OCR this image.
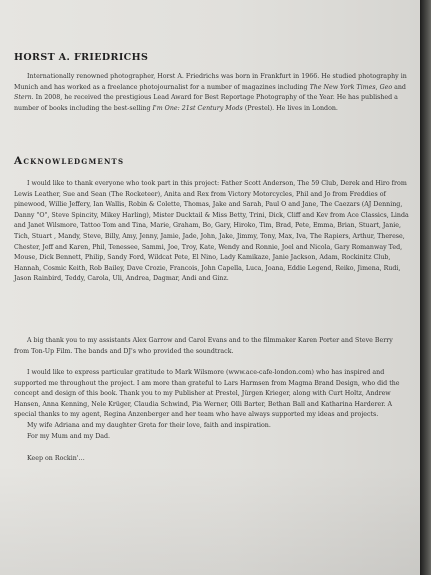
HORST A. FRIEDRICHS
Internationally renowned photographer, Horst A. Friedrichs was born in Frankfurt in 1966. He studied photography in Munich and has worked as a freelance photojournalist for a number of magazines including The New York Times, Geo and Stern. In 2008, he received the prestigious Lead Award for Best Reportage Photography of the Year. He has published a number of books including the best-selling I'm One: 21st Century Mods (Prestel). He lives in London.
Acknowledgments
I would like to thank everyone who took part in this project: Father Scott Anderson, The 59 Club, Derek and Hiro from Lewis Leather, Sue and Sean (The Rocketeer), Anita and Rex from Victory Motorcycles, Phil and Jo from Freddies of pinewood, Willie Jeffery, Ian Wallis, Robin & Colette, Thomas, Jake and Sarah, Paul O and Jane, The Caezars (AJ Denning, Danny "O", Steve Spincity, Mikey Harling), Mister Ducktail & Miss Betty, Trini, Dick, Cliff and Kev from Ace Classics, Linda and Janet Wilsmore, Tattoo Tom and Tina, Marie, Graham, Bo, Gary, Hiroko, Tim, Brad, Pete, Emma, Brian, Stuart, Janie, Tich, Stuart , Mandy, Steve, Billy, Amy, Jenny, Jamie, Jade, John, Jake, Jimmy, Tony, Max, Iva, The Rapiers, Arthur, Therese, Chester, Jeff and Karen, Phil, Tenessee, Sammi, Joe, Troy, Kate, Wendy and Ronnie, Joel and Nicola, Gary Romanway Ted, Mouse, Dick Bennett, Philip, Sandy Ford, Wildcat Pete, El Nino, Lady Kamikaze, Janie Jackson, Adam, Rockinitz Club, Hannah, Cosmic Keith, Rob Bailey, Dave Crozie, Francois, John Capella, Luca, Joana, Eddie Legend, Reiko, Jimena, Rudi, Jason Rainbird, Teddy, Carola, Uli, Andrea, Dagmar, Andi and Ginz.
A big thank you to my assistants Alex Garrow and Carol Evans and to the filmmaker Karen Porter and Steve Berry from Ton-Up Film. The bands and DJ's who provided the soundtrack.
I would like to express particular gratitude to Mark Wilsmore (www.ace-cafe-london.com) who has inspired and supported me throughout the project. I am more than grateful to Lars Harmsen from Magma Brand Design, who did the concept and design of this book. Thank you to my Publisher at Prestel, Jürgen Krieger, along with Curt Holtz, Andrew Hansen, Anna Kenning, Nele Krüger, Claudia Schwind, Pia Werner, Olli Barter, Bethan Ball and Katharina Harderer. A special thanks to my agent, Regina Anzenberger and her team who have always supported my ideas and projects.
My wife Adriana and my daughter Greta for their love, faith and inspiration.
For my Mum and my Dad.
Keep on Rockin'…
